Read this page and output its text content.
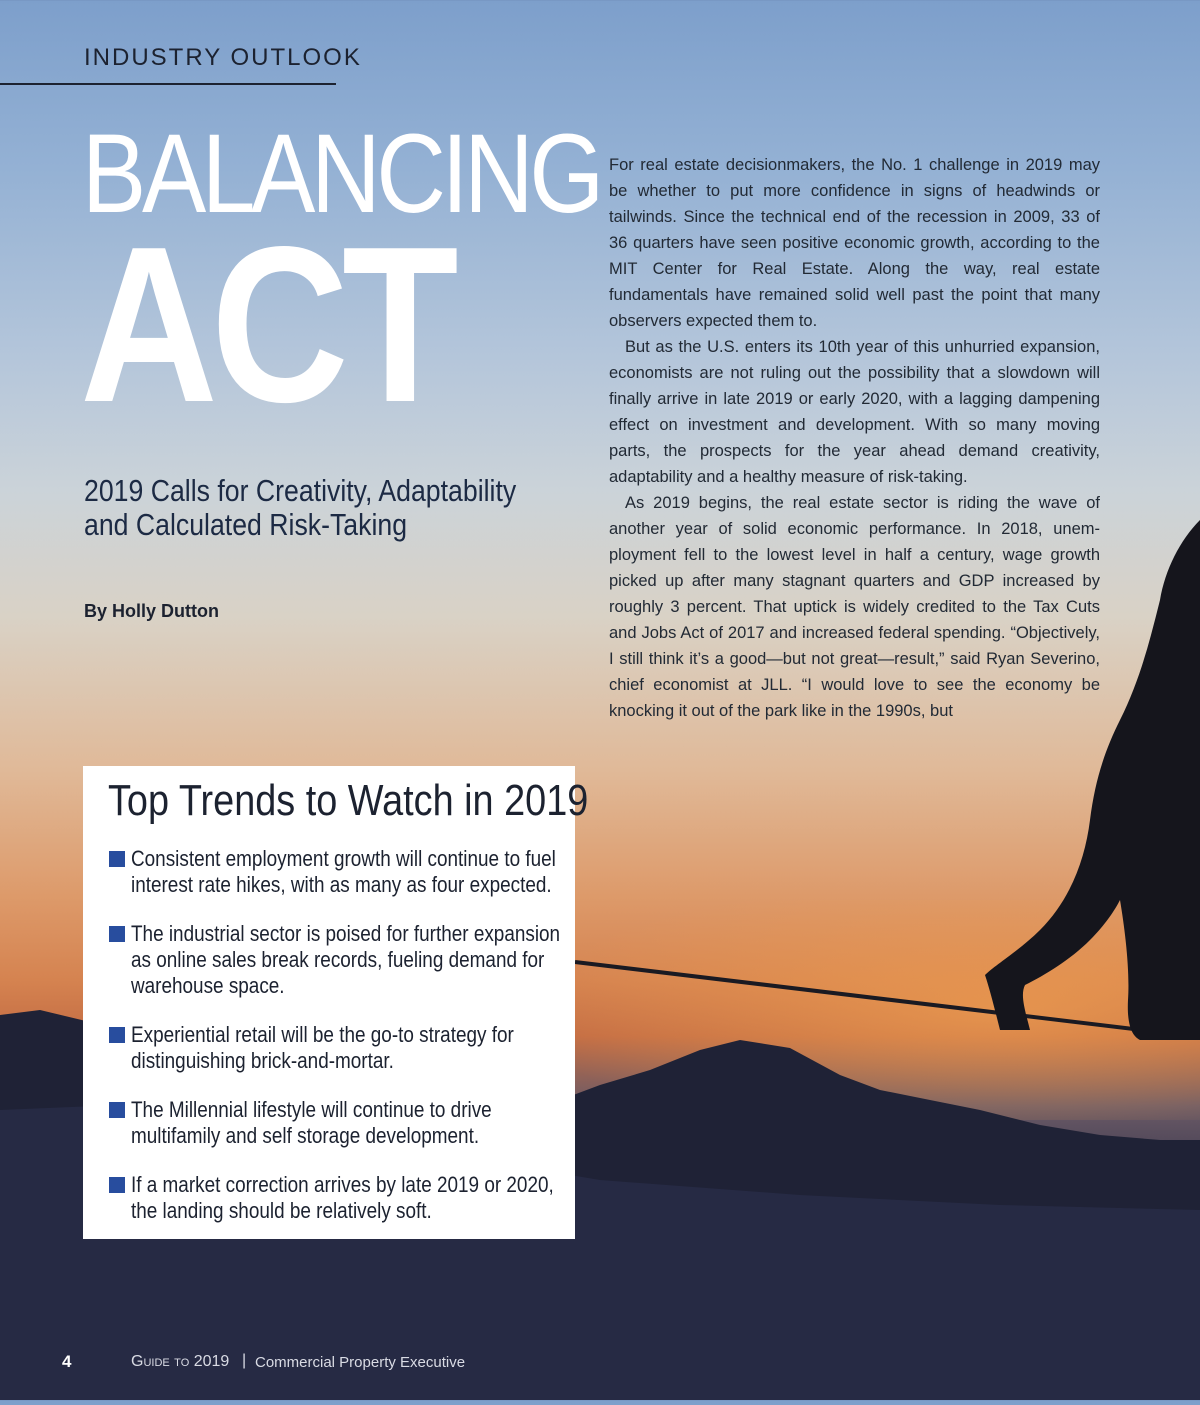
INDUSTRY OUTLOOK
BALANCING
ACT
2019 Calls for Creativity, Adaptability
and Calculated Risk-Taking
By Holly Dutton

For real estate decisionmakers, the No. 1 challenge in 2019 may be whether to put more confidence in signs of headwinds or tailwinds. Since the technical end of the recession in 2009, 33 of 36 quarters have seen positive economic growth, according to the MIT Center for Real Estate. Along the way, real estate fundamentals have remained solid well past the point that many observers expected them to.

But as the U.S. enters its 10th year of this unhurried expansion, economists are not ruling out the possibility that a slowdown will finally arrive in late 2019 or early 2020, with a lagging dampening effect on investment and development. With so many moving parts, the prospects for the year ahead demand creativity, adaptability and a healthy measure of risk-taking.

As 2019 begins, the real estate sector is riding the wave of another year of solid economic performance. In 2018, unemployment fell to the lowest level in half a century, wage growth picked up after many stagnant quarters and GDP increased by roughly 3 percent. That uptick is widely credited to the Tax Cuts and Jobs Act of 2017 and increased federal spending. “Objectively, I still think it’s a good—but not great—result,” said Ryan Severino, chief economist at JLL. “I would love to see the economy be knocking it out of the park like in the 1990s, but

Top Trends to Watch in 2019
Consistent employment growth will continue to fuel
interest rate hikes, with as many as four expected.
The industrial sector is poised for further expansion
as online sales break records, fueling demand for
warehouse space.
Experiential retail will be the go-to strategy for
distinguishing brick-and-mortar.
The Millennial lifestyle will continue to drive
multifamily and self storage development.
If a market correction arrives by late 2019 or 2020,
the landing should be relatively soft.
4	Guide to 2019 | Commercial Property Executive
